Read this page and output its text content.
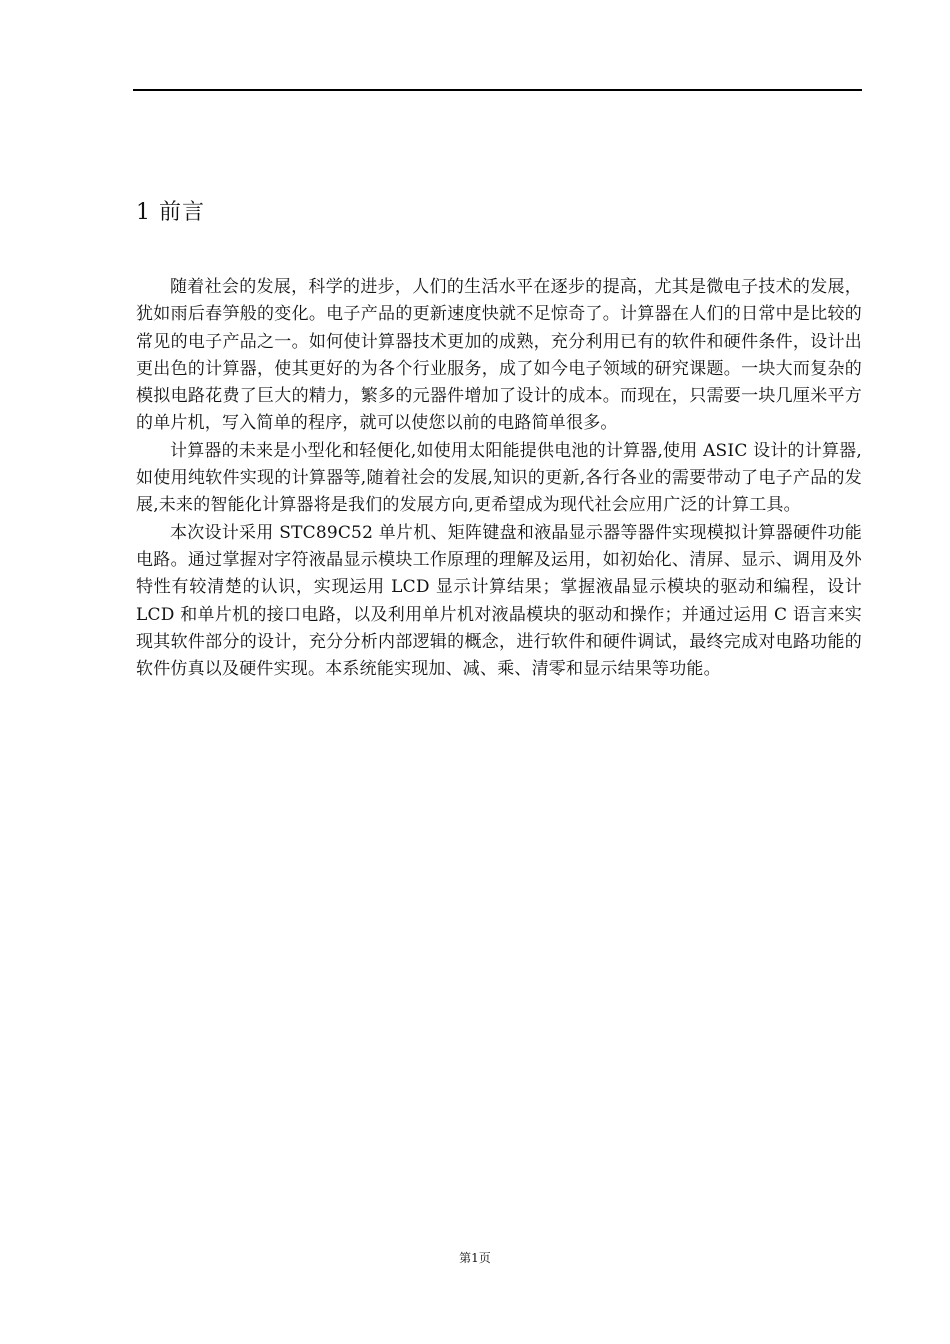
1 前言

随着社会的发展，科学的进步，人们的生活水平在逐步的提高，尤其是微电子技术的发展，犹如雨后春笋般的变化。电子产品的更新速度快就不足惊奇了。计算器在人们的日常中是比较的常见的电子产品之一。如何使计算器技术更加的成熟，充分利用已有的软件和硬件条件，设计出更出色的计算器，使其更好的为各个行业服务，成了如今电子领域的研究课题。一块大而复杂的模拟电路花费了巨大的精力，繁多的元器件增加了设计的成本。而现在，只需要一块几厘米平方的单片机，写入简单的程序，就可以使您以前的电路简单很多。

计算器的未来是小型化和轻便化,如使用太阳能提供电池的计算器,使用 ASIC 设计的计算器,如使用纯软件实现的计算器等,随着社会的发展,知识的更新,各行各业的需要带动了电子产品的发展,未来的智能化计算器将是我们的发展方向,更希望成为现代社会应用广泛的计算工具。

本次设计采用 STC89C52 单片机、矩阵键盘和液晶显示器等器件实现模拟计算器硬件功能电路。通过掌握对字符液晶显示模块工作原理的理解及运用，如初始化、清屏、显示、调用及外特性有较清楚的认识，实现运用 LCD 显示计算结果；掌握液晶显示模块的驱动和编程，设计 LCD 和单片机的接口电路，以及利用单片机对液晶模块的驱动和操作；并通过运用 C 语言来实现其软件部分的设计，充分分析内部逻辑的概念，进行软件和硬件调试，最终完成对电路功能的软件仿真以及硬件实现。本系统能实现加、减、乘、清零和显示结果等功能。

第1页
